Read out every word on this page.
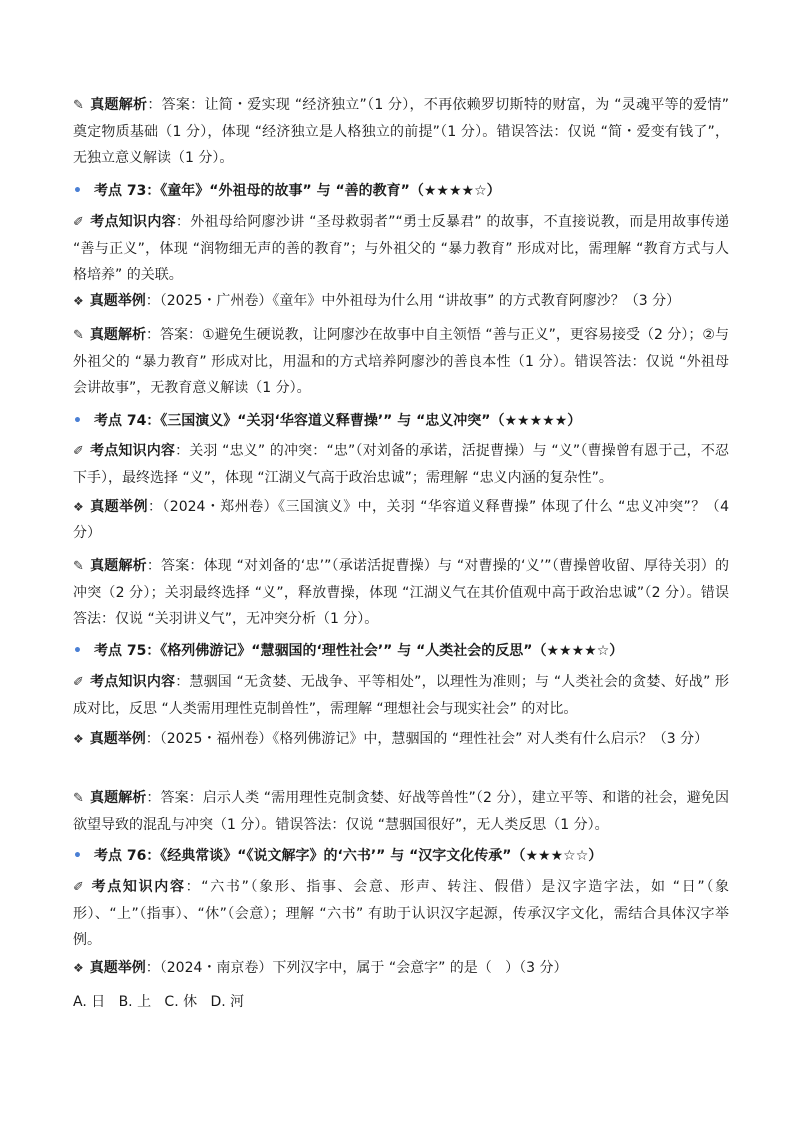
✎ 真题解析：答案：让简・爱实现 “经济独立”（1 分），不再依赖罗切斯特的财富，为 “灵魂平等的爱情” 奠定物质基础（1 分），体现 “经济独立是人格独立的前提”（1 分）。错误答法：仅说 “简・爱变有钱了”，无独立意义解读（1 分）。
• 考点 73：《童年》“外祖母的故事” 与 “善的教育”（★★★★☆）
✐ 考点知识内容：外祖母给阿廖沙讲 “圣母救弱者”“勇士反暴君” 的故事，不直接说教，而是用故事传递 “善与正义”，体现 “润物细无声的善的教育”；与外祖父的 “暴力教育” 形成对比，需理解 “教育方式与人格培养” 的关联。
❖ 真题举例：（2025・广州卷）《童年》中外祖母为什么用 “讲故事” 的方式教育阿廖沙？（3 分）
✎ 真题解析：答案：①避免生硬说教，让阿廖沙在故事中自主领悟 “善与正义”，更容易接受（2 分）；②与外祖父的 “暴力教育” 形成对比，用温和的方式培养阿廖沙的善良本性（1 分）。错误答法：仅说 “外祖母会讲故事”，无教育意义解读（1 分）。
• 考点 74：《三国演义》“关羽‘华容道义释曹操’” 与 “忠义冲突”（★★★★★）
✐ 考点知识内容：关羽 “忠义” 的冲突：“忠”（对刘备的承诺，活捉曹操）与 “义”（曹操曾有恩于己，不忍下手），最终选择 “义”，体现 “江湖义气高于政治忠诚”；需理解 “忠义内涵的复杂性”。
❖ 真题举例：（2024・郑州卷）《三国演义》中，关羽 “华容道义释曹操” 体现了什么 “忠义冲突”？（4 分）
✎ 真题解析：答案：体现 “对刘备的‘忠’”（承诺活捉曹操）与 “对曹操的‘义’”（曹操曾收留、厚待关羽）的冲突（2 分）；关羽最终选择 “义”，释放曹操，体现 “江湖义气在其价值观中高于政治忠诚”（2 分）。错误答法：仅说 “关羽讲义气”，无冲突分析（1 分）。
• 考点 75：《格列佛游记》“慧骃国的‘理性社会’” 与 “人类社会的反思”（★★★★☆）
✐ 考点知识内容：慧骃国 “无贪婪、无战争、平等相处”，以理性为准则；与 “人类社会的贪婪、好战” 形成对比，反思 “人类需用理性克制兽性”，需理解 “理想社会与现实社会” 的对比。
❖ 真题举例：（2025・福州卷）《格列佛游记》中，慧骃国的 “理性社会” 对人类有什么启示？（3 分）
✎ 真题解析：答案：启示人类 “需用理性克制贪婪、好战等兽性”（2 分），建立平等、和谐的社会，避免因欲望导致的混乱与冲突（1 分）。错误答法：仅说 “慧骃国很好”，无人类反思（1 分）。
• 考点 76：《经典常谈》“《说文解字》的‘六书’” 与 “汉字文化传承”（★★★☆☆）
✐ 考点知识内容：“六书”（象形、指事、会意、形声、转注、假借）是汉字造字法，如 “日”（象形）、“上”（指事）、“休”（会意）；理解 “六书” 有助于认识汉字起源，传承汉字文化，需结合具体汉字举例。
❖ 真题举例：（2024・南京卷）下列汉字中，属于 “会意字” 的是（   ）（3 分）
A. 日   B. 上   C. 休   D. 河
